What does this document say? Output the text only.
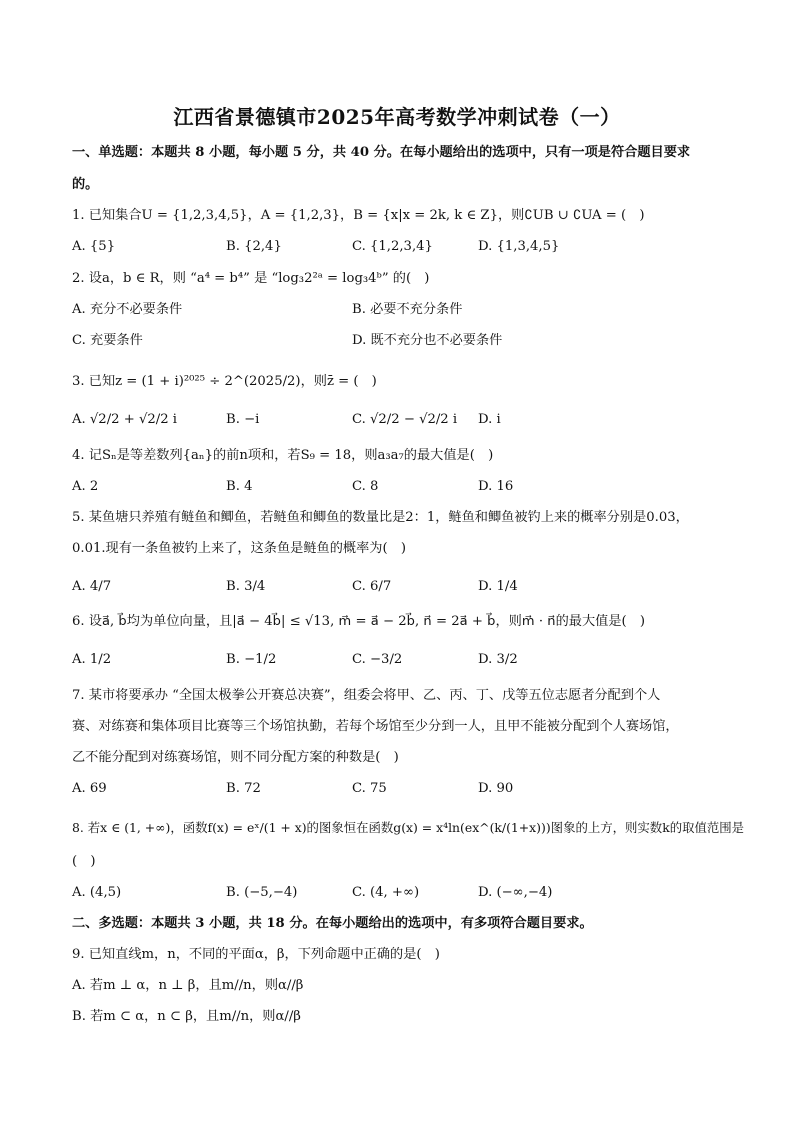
江西省景德镇市2025年高考数学冲刺试卷（一）
一、单选题：本题共 8 小题，每小题 5 分，共 40 分。在每小题给出的选项中，只有一项是符合题目要求
的。
1. 已知集合U = {1,2,3,4,5}，A = {1,2,3}，B = {x|x = 2k, k ∈ Z}，则∁UB ∪ ∁UA = (　)
A. {5}	B. {2,4}	C. {1,2,3,4}	D. {1,3,4,5}
2. 设a，b ∈ R，则 “a⁴ = b⁴” 是 “log₃2²ᵃ = log₃4ᵇ” 的(　)
A. 充分不必要条件	B. 必要不充分条件
C. 充要条件	D. 既不充分也不必要条件
3. 已知z = (1 + i)²⁰²⁵ ÷ 2^(2025/2)，则z̄ = (　)
A. √2/2 + √2/2 i	B. −i	C. √2/2 − √2/2 i D. i
4. 记Sₙ是等差数列{aₙ}的前n项和，若S₉ = 18，则a₃a₇的最大值是(　)
A. 2	B. 4	C. 8	D. 16
5. 某鱼塘只养殖有鲢鱼和鲫鱼，若鲢鱼和鲫鱼的数量比是2：1，鲢鱼和鲫鱼被钓上来的概率分别是0.03，
0.01.现有一条鱼被钓上来了，这条鱼是鲢鱼的概率为(　)
A. 4/7	B. 3/4	C. 6/7	D. 1/4
6. 设a⃗, b⃗均为单位向量，且|a⃗ − 4b⃗| ≤ √13, m⃗ = a⃗ − 2b⃗, n⃗ = 2a⃗ + b⃗，则m⃗ · n⃗的最大值是(　)
A. 1/2	B. −1/2	C. −3/2	D. 3/2
7. 某市将要承办 “全国太极拳公开赛总决赛”，组委会将甲、乙、丙、丁、戊等五位志愿者分配到个人
赛、对练赛和集体项目比赛等三个场馆执勤，若每个场馆至少分到一人，且甲不能被分配到个人赛场馆，
乙不能分配到对练赛场馆，则不同分配方案的种数是(　)
A. 69	B. 72	C. 75	D. 90
8. 若x ∈ (1, +∞)，函数f(x) = eˣ/(1 + x)的图象恒在函数g(x) = x⁴ln(ex^(k/(1+x)))图象的上方，则实数k的取值范围是
(　)
A. (4,5)	B. (−5,−4)	C. (4, +∞)	D. (−∞,−4)
二、多选题：本题共 3 小题，共 18 分。在每小题给出的选项中，有多项符合题目要求。
9. 已知直线m，n，不同的平面α，β，下列命题中正确的是(　)
A. 若m ⊥ α，n ⊥ β，且m//n，则α//β
B. 若m ⊂ α，n ⊂ β，且m//n，则α//β
